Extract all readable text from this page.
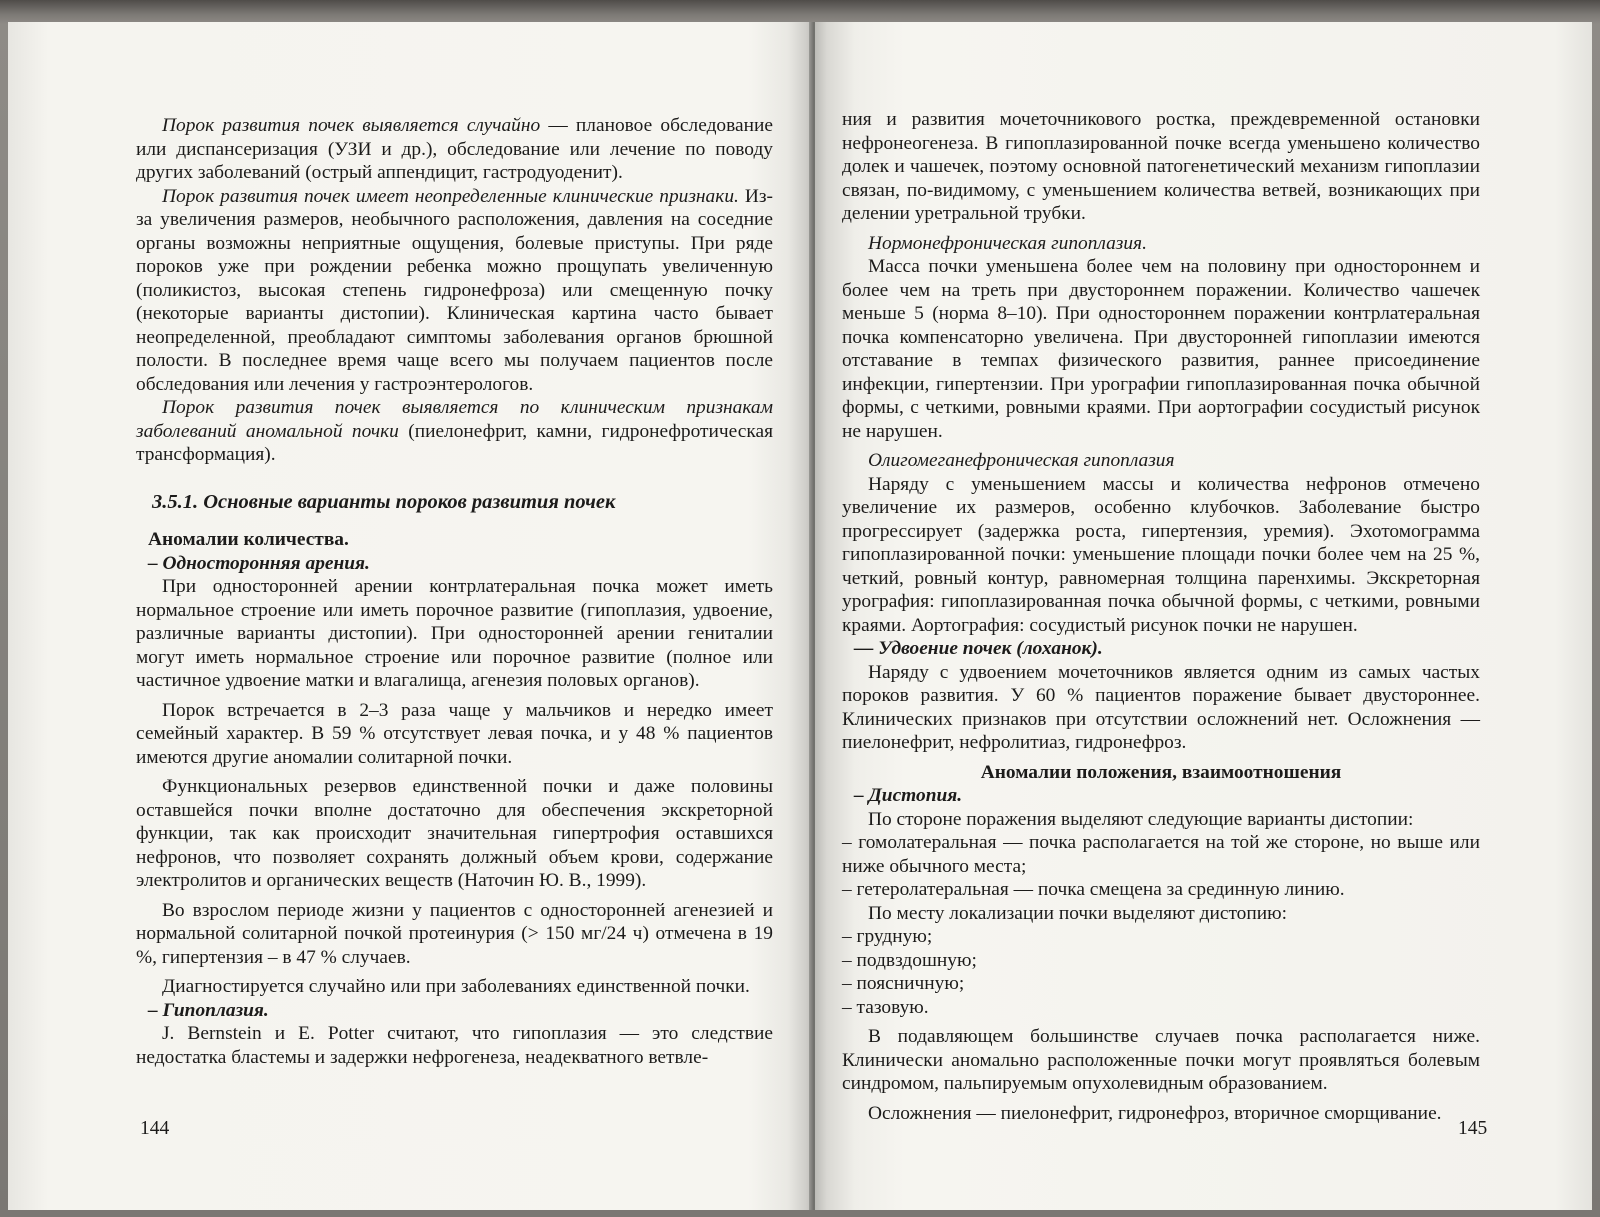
Порок развития почек выявляется случайно — плановое обследование или диспансеризация (УЗИ и др.), обследование или лечение по поводу других заболеваний (острый аппендицит, гастродуоденит).

Порок развития почек имеет неопределенные клинические признаки. Из-за увеличения размеров, необычного расположения, давления на соседние органы возможны неприятные ощущения, болевые приступы. При ряде пороков уже при рождении ребенка можно прощупать увеличенную (поликистоз, высокая степень гидронефроза) или смещенную почку (некоторые варианты дистопии). Клиническая картина часто бывает неопределенной, преобладают симптомы заболевания органов брюшной полости. В последнее время чаще всего мы получаем пациентов после обследования или лечения у гастроэнтерологов.

Порок развития почек выявляется по клиническим признакам заболеваний аномальной почки (пиелонефрит, камни, гидронефротическая трансформация).

3.5.1. Основные варианты пороков развития почек

Аномалии количества.

– Односторонняя арения.

При односторонней арении контрлатеральная почка может иметь нормальное строение или иметь порочное развитие (гипоплазия, удвоение, различные варианты дистопии). При односторонней арении гениталии могут иметь нормальное строение или порочное развитие (полное или частичное удвоение матки и влагалища, агенезия половых органов).

Порок встречается в 2–3 раза чаще у мальчиков и нередко имеет семейный характер. В 59 % отсутствует левая почка, и у 48 % пациентов имеются другие аномалии солитарной почки.

Функциональных резервов единственной почки и даже половины оставшейся почки вполне достаточно для обеспечения экскреторной функции, так как происходит значительная гипертрофия оставшихся нефронов, что позволяет сохранять должный объем крови, содержание электролитов и органических веществ (Наточин Ю. В., 1999).

Во взрослом периоде жизни у пациентов с односторонней агенезией и нормальной солитарной почкой протеинурия (> 150 мг/24 ч) отмечена в 19 %, гипертензия – в 47 % случаев.

Диагностируется случайно или при заболеваниях единственной почки.

– Гипоплазия.

J. Bernstein и E. Potter считают, что гипоплазия — это следствие недостатка бластемы и задержки нефрогенеза, неадекватного ветвле-

144

ния и развития мочеточникового ростка, преждевременной остановки нефронеогенеза. В гипоплазированной почке всегда уменьшено количество долек и чашечек, поэтому основной патогенетический механизм гипоплазии связан, по-видимому, с уменьшением количества ветвей, возникающих при делении уретральной трубки.

Нормонефроническая гипоплазия.

Масса почки уменьшена более чем на половину при одностороннем и более чем на треть при двустороннем поражении. Количество чашечек меньше 5 (норма 8–10). При одностороннем поражении контрлатеральная почка компенсаторно увеличена. При двусторонней гипоплазии имеются отставание в темпах физического развития, раннее присоединение инфекции, гипертензии. При урографии гипоплазированная почка обычной формы, с четкими, ровными краями. При аортографии сосудистый рисунок не нарушен.

Олигомеганефроническая гипоплазия

Наряду с уменьшением массы и количества нефронов отмечено увеличение их размеров, особенно клубочков. Заболевание быстро прогрессирует (задержка роста, гипертензия, уремия). Эхотомограмма гипоплазированной почки: уменьшение площади почки более чем на 25 %, четкий, ровный контур, равномерная толщина паренхимы. Экскреторная урография: гипоплазированная почка обычной формы, с четкими, ровными краями. Аортография: сосудистый рисунок почки не нарушен.

— Удвоение почек (лоханок).

Наряду с удвоением мочеточников является одним из самых частых пороков развития. У 60 % пациентов поражение бывает двустороннее. Клинических признаков при отсутствии осложнений нет. Осложнения — пиелонефрит, нефролитиаз, гидронефроз.

Аномалии положения, взаимоотношения

– Дистопия.

По стороне поражения выделяют следующие варианты дистопии:

– гомолатеральная — почка располагается на той же стороне, но выше или ниже обычного места;

– гетеролатеральная — почка смещена за срединную линию.

По месту локализации почки выделяют дистопию:

– грудную;

– подвздошную;

– поясничную;

– тазовую.

В подавляющем большинстве случаев почка располагается ниже. Клинически аномально расположенные почки могут проявляться болевым синдромом, пальпируемым опухолевидным образованием.

Осложнения — пиелонефрит, гидронефроз, вторичное сморщивание.

145
